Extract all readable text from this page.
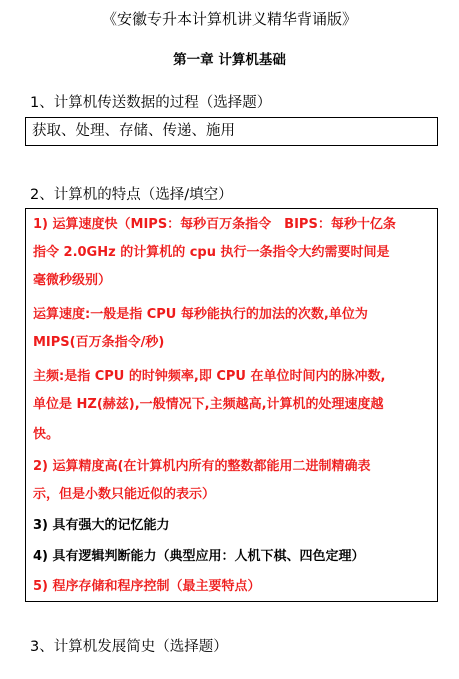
《安徽专升本计算机讲义精华背诵版》
第一章 计算机基础
1、计算机传送数据的过程（选择题）
获取、处理、存储、传递、施用
2、计算机的特点（选择/填空）
1) 运算速度快（MIPS：每秒百万条指令　BIPS：每秒十亿条
指令 2.0GHz 的计算机的 cpu 执行一条指令大约需要时间是
毫微秒级别）
运算速度:一般是指 CPU 每秒能执行的加法的次数,单位为
MIPS(百万条指令/秒)
主频:是指 CPU 的时钟频率,即 CPU 在单位时间内的脉冲数,
单位是 HZ(赫兹),一般情况下,主频越高,计算机的处理速度越
快。
2) 运算精度高(在计算机内所有的整数都能用二进制精确表
示，但是小数只能近似的表示）
3) 具有强大的记忆能力
4) 具有逻辑判断能力（典型应用：人机下棋、四色定理）
5) 程序存储和程序控制（最主要特点）
3、计算机发展简史（选择题）
